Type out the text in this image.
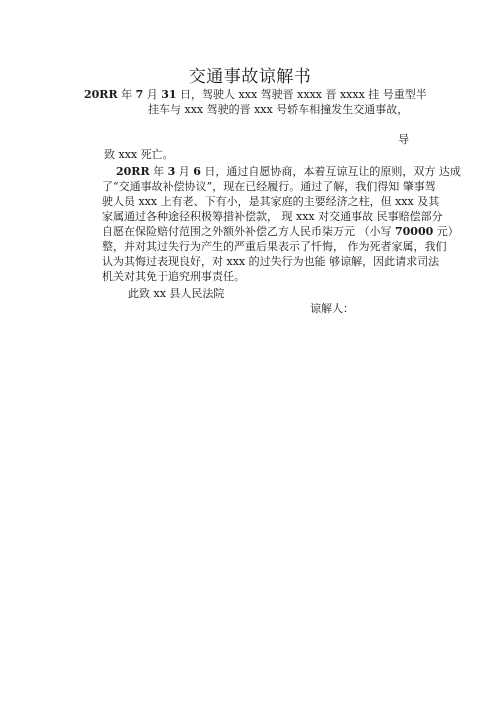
交通事故谅解书
20RR 年 7 月 31 日，驾驶人 xxx 驾驶晋 xxxx 晋 xxxx 挂 号重型半
挂车与 xxx 驾驶的晋 xxx 号轿车相撞发生交通事故，
导
致 xxx 死亡。
20RR 年 3 月 6 日，通过自愿协商，本着互谅互让的原则，双方 达成
了“交通事故补偿协议”，现在已经履行。通过了解，我们得知 肇事驾
驶人员 xxx 上有老、下有小，是其家庭的主要经济之柱，但 xxx 及其
家属通过各种途径积极筹措补偿款， 现 xxx 对交通事故 民事赔偿部分
自愿在保险赔付范围之外额外补偿乙方人民币柒万元 （小写 70000 元）
整，并对其过失行为产生的严重后果表示了忏悔， 作为死者家属，我们
认为其悔过表现良好，对 xxx 的过失行为也能 够谅解，因此请求司法
机关对其免于追究刑事责任。
此致 xx 县人民法院
谅解人：
